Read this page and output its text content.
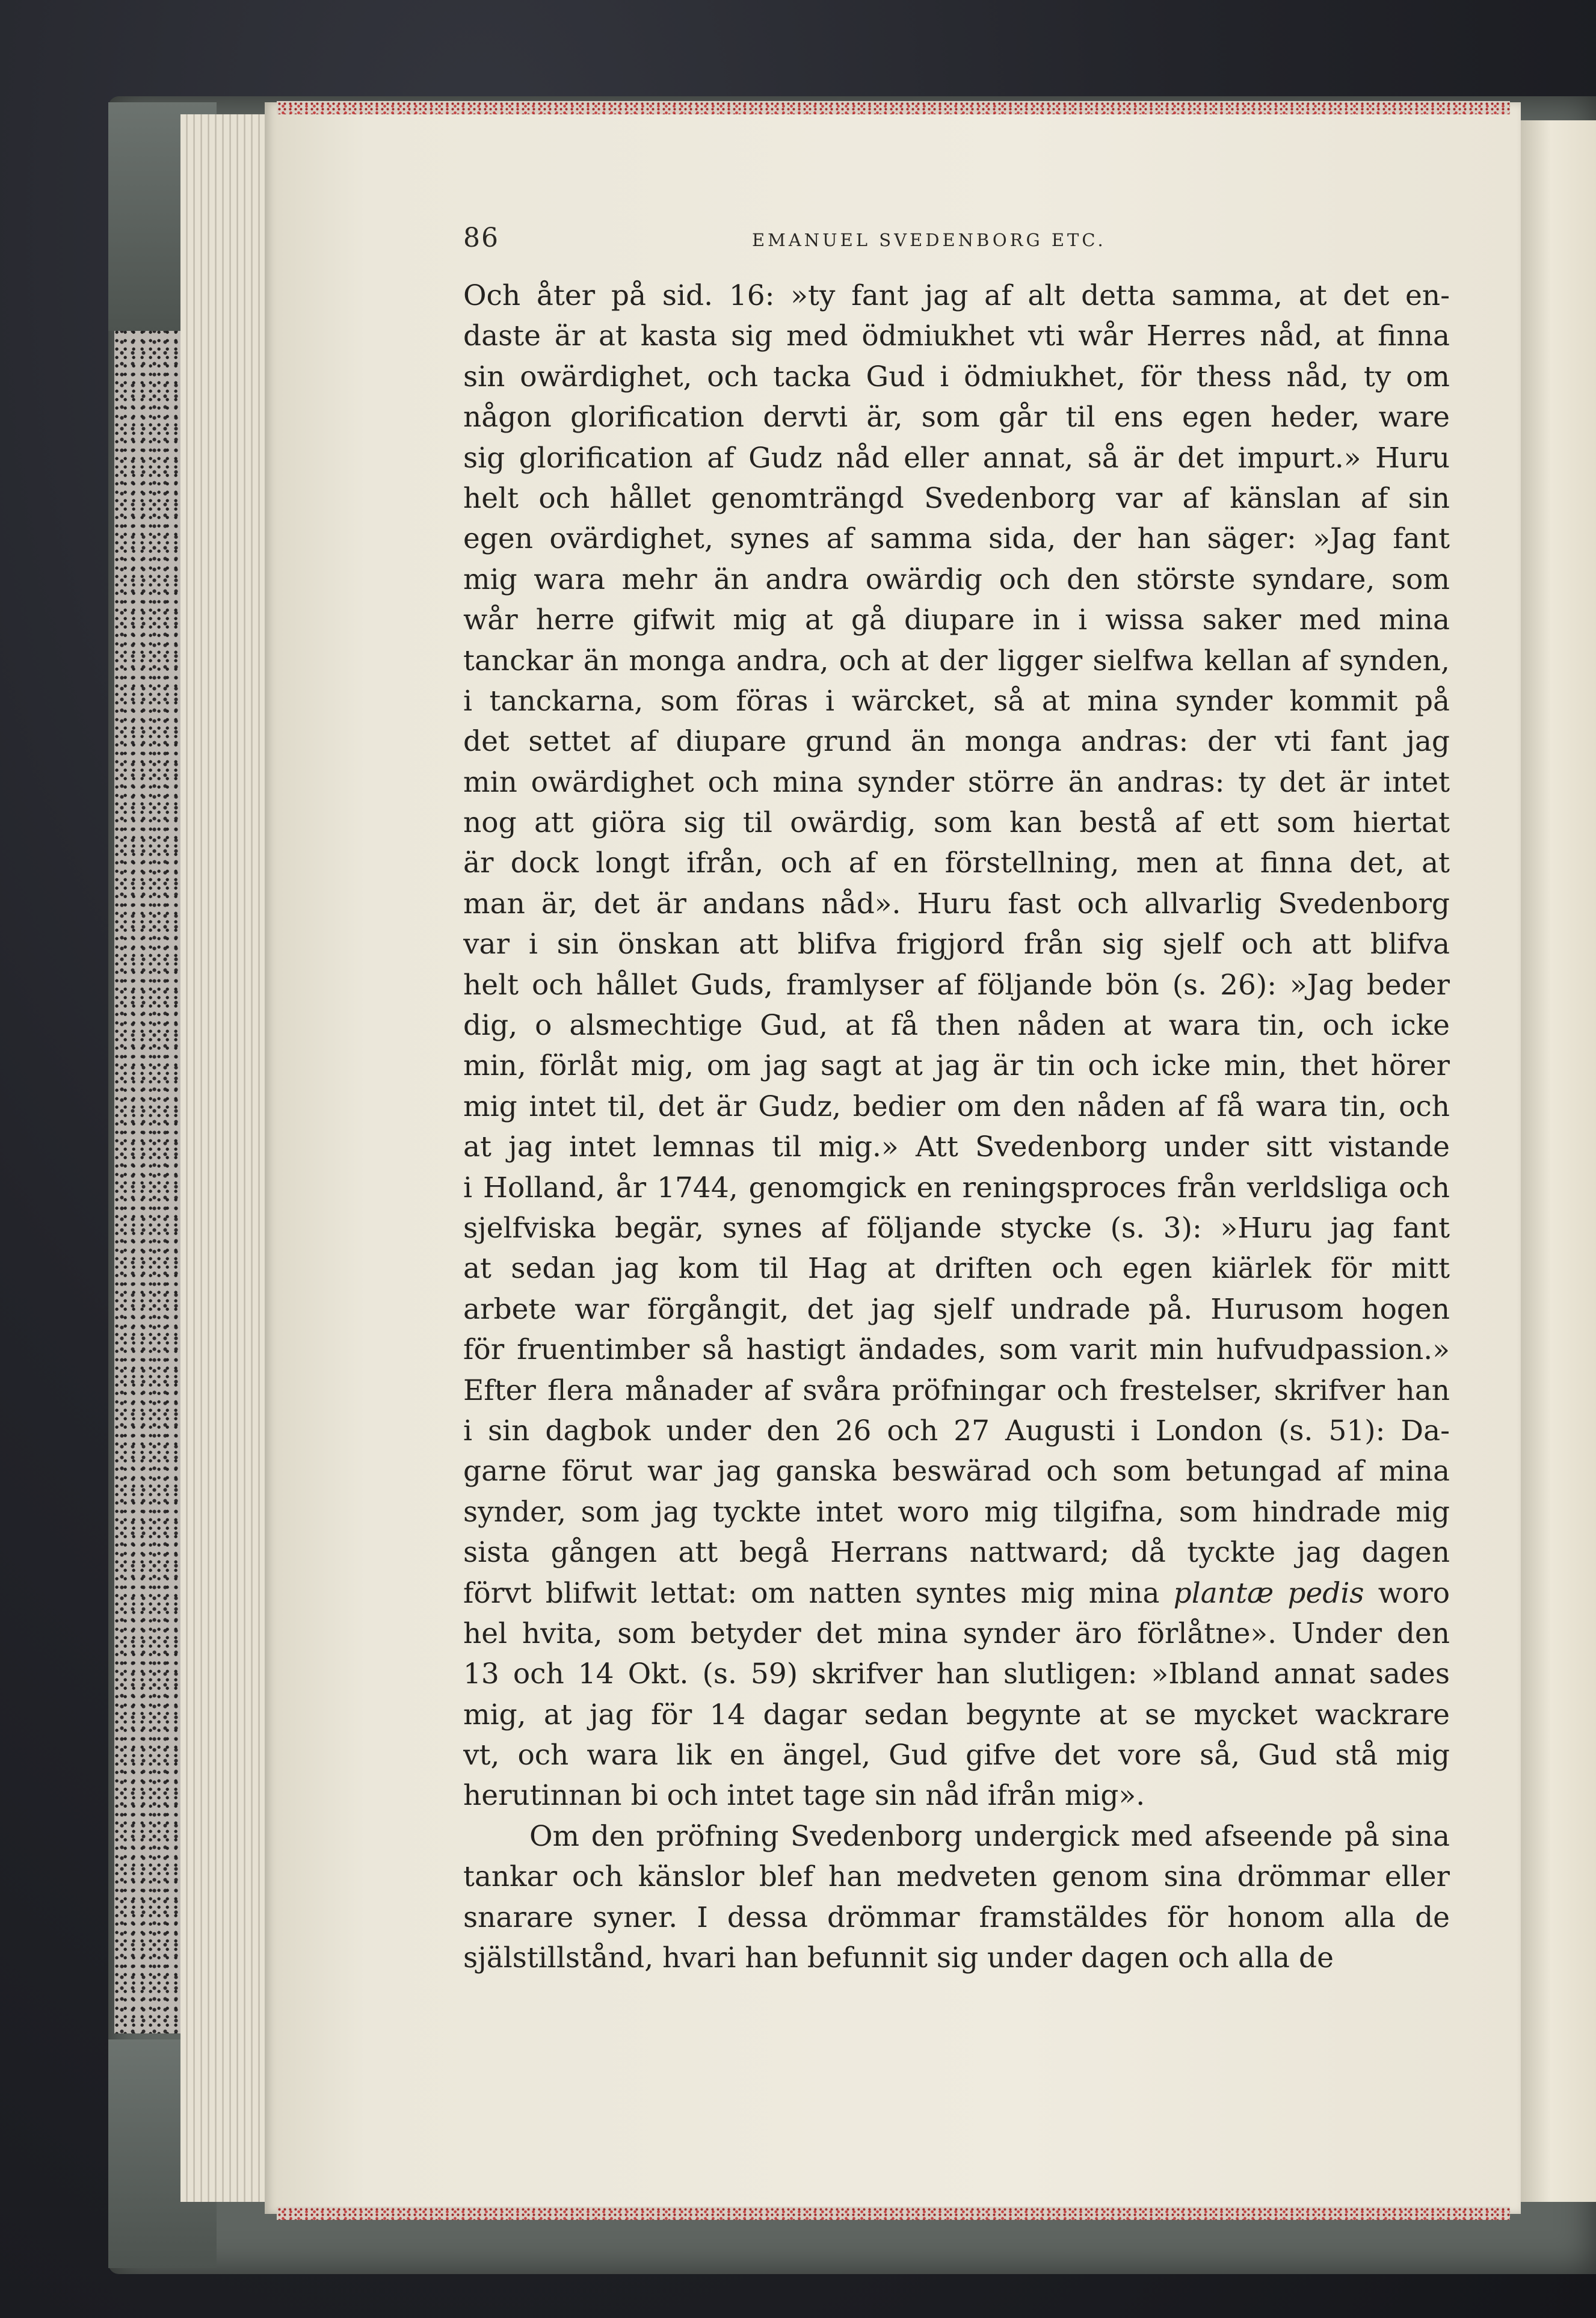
86	EMANUEL SVEDENBORG ETC.
Och åter på sid. 16: »ty fant jag af alt detta samma, at det en-
daste är at kasta sig med ödmiukhet vti wår Herres nåd, at finna
sin owärdighet, och tacka Gud i ödmiukhet, för thess nåd, ty om
någon glorification dervti är, som går til ens egen heder, ware
sig glorification af Gudz nåd eller annat, så är det impurt.» Huru
helt och hållet genomträngd Svedenborg var af känslan af sin
egen ovärdighet, synes af samma sida, der han säger: »Jag fant
mig wara mehr än andra owärdig och den störste syndare, som
wår herre gifwit mig at gå diupare in i wissa saker med mina
tanckar än monga andra, och at der ligger sielfwa kellan af synden,
i tanckarna, som föras i wärcket, så at mina synder kommit på
det settet af diupare grund än monga andras: der vti fant jag
min owärdighet och mina synder större än andras: ty det är intet
nog att giöra sig til owärdig, som kan bestå af ett som hiertat
är dock longt ifrån, och af en förstellning, men at finna det, at
man är, det är andans nåd». Huru fast och allvarlig Svedenborg
var i sin önskan att blifva frigjord från sig sjelf och att blifva
helt och hållet Guds, framlyser af följande bön (s. 26): »Jag beder
dig, o alsmechtige Gud, at få then nåden at wara tin, och icke
min, förlåt mig, om jag sagt at jag är tin och icke min, thet hörer
mig intet til, det är Gudz, bedier om den nåden af få wara tin, och
at jag intet lemnas til mig.» Att Svedenborg under sitt vistande
i Holland, år 1744, genomgick en reningsproces från verldsliga och
sjelfviska begär, synes af följande stycke (s. 3): »Huru jag fant
at sedan jag kom til Hag at driften och egen kiärlek för mitt
arbete war förgångit, det jag sjelf undrade på. Hurusom hogen
för fruentimber så hastigt ändades, som varit min hufvudpassion.»
Efter flera månader af svåra pröfningar och frestelser, skrifver han
i sin dagbok under den 26 och 27 Augusti i London (s. 51): Da-
garne förut war jag ganska beswärad och som betungad af mina
synder, som jag tyckte intet woro mig tilgifna, som hindrade mig
sista gången att begå Herrans nattward; då tyckte jag dagen
förvt blifwit lettat: om natten syntes mig mina plantæ pedis woro
hel hvita, som betyder det mina synder äro förlåtne». Under den
13 och 14 Okt. (s. 59) skrifver han slutligen: »Ibland annat sades
mig, at jag för 14 dagar sedan begynte at se mycket wackrare
vt, och wara lik en ängel, Gud gifve det vore så, Gud stå mig
herutinnan bi och intet tage sin nåd ifrån mig».
Om den pröfning Svedenborg undergick med afseende på sina
tankar och känslor blef han medveten genom sina drömmar eller
snarare syner. I dessa drömmar framstäldes för honom alla de
själstillstånd, hvari han befunnit sig under dagen och alla de
